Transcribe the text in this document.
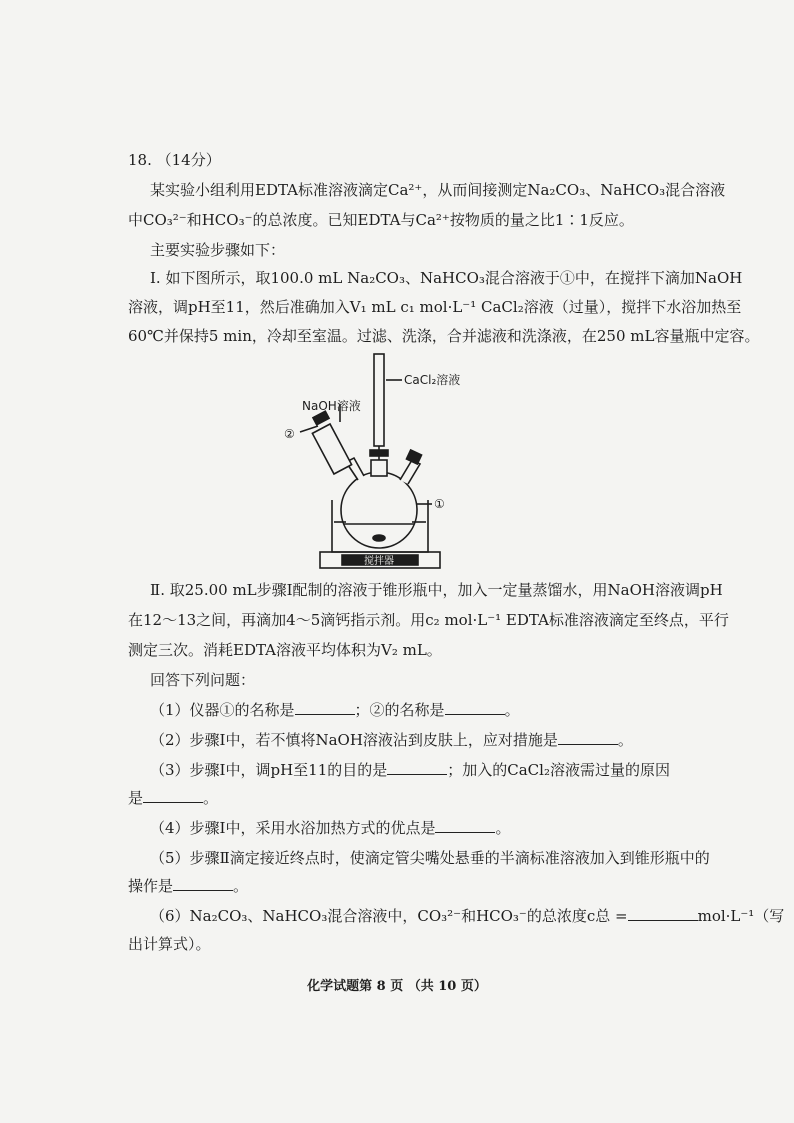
18. （14分）
某实验小组利用EDTA标准溶液滴定Ca²⁺，从而间接测定Na₂CO₃、NaHCO₃混合溶液
中CO₃²⁻和HCO₃⁻的总浓度。已知EDTA与Ca²⁺按物质的量之比1∶1反应。
主要实验步骤如下：
Ⅰ. 如下图所示，取100.0 mL Na₂CO₃、NaHCO₃混合溶液于①中，在搅拌下滴加NaOH
溶液，调pH至11，然后准确加入V₁ mL c₁ mol·L⁻¹ CaCl₂溶液（过量），搅拌下水浴加热至
60℃并保持5 min，冷却至室温。过滤、洗涤，合并滤液和洗涤液，在250 mL容量瓶中定容。
CaCl₂溶液
NaOH溶液
②
①
搅拌器
Ⅱ. 取25.00 mL步骤Ⅰ配制的溶液于锥形瓶中，加入一定量蒸馏水，用NaOH溶液调pH
在12～13之间，再滴加4～5滴钙指示剂。用c₂ mol·L⁻¹ EDTA标准溶液滴定至终点，平行
测定三次。消耗EDTA溶液平均体积为V₂ mL。
回答下列问题：
（1）仪器①的名称是	；②的名称是	。
（2）步骤Ⅰ中，若不慎将NaOH溶液沾到皮肤上，应对措施是	。
（3）步骤Ⅰ中，调pH至11的目的是	；加入的CaCl₂溶液需过量的原因
是	。
（4）步骤Ⅰ中，采用水浴加热方式的优点是	。
（5）步骤Ⅱ滴定接近终点时，使滴定管尖嘴处悬垂的半滴标准溶液加入到锥形瓶中的
操作是	。
（6）Na₂CO₃、NaHCO₃混合溶液中，CO₃²⁻和HCO₃⁻的总浓度c总 =	mol·L⁻¹（写
出计算式）。
化学试题第 8 页 （共 10 页）
